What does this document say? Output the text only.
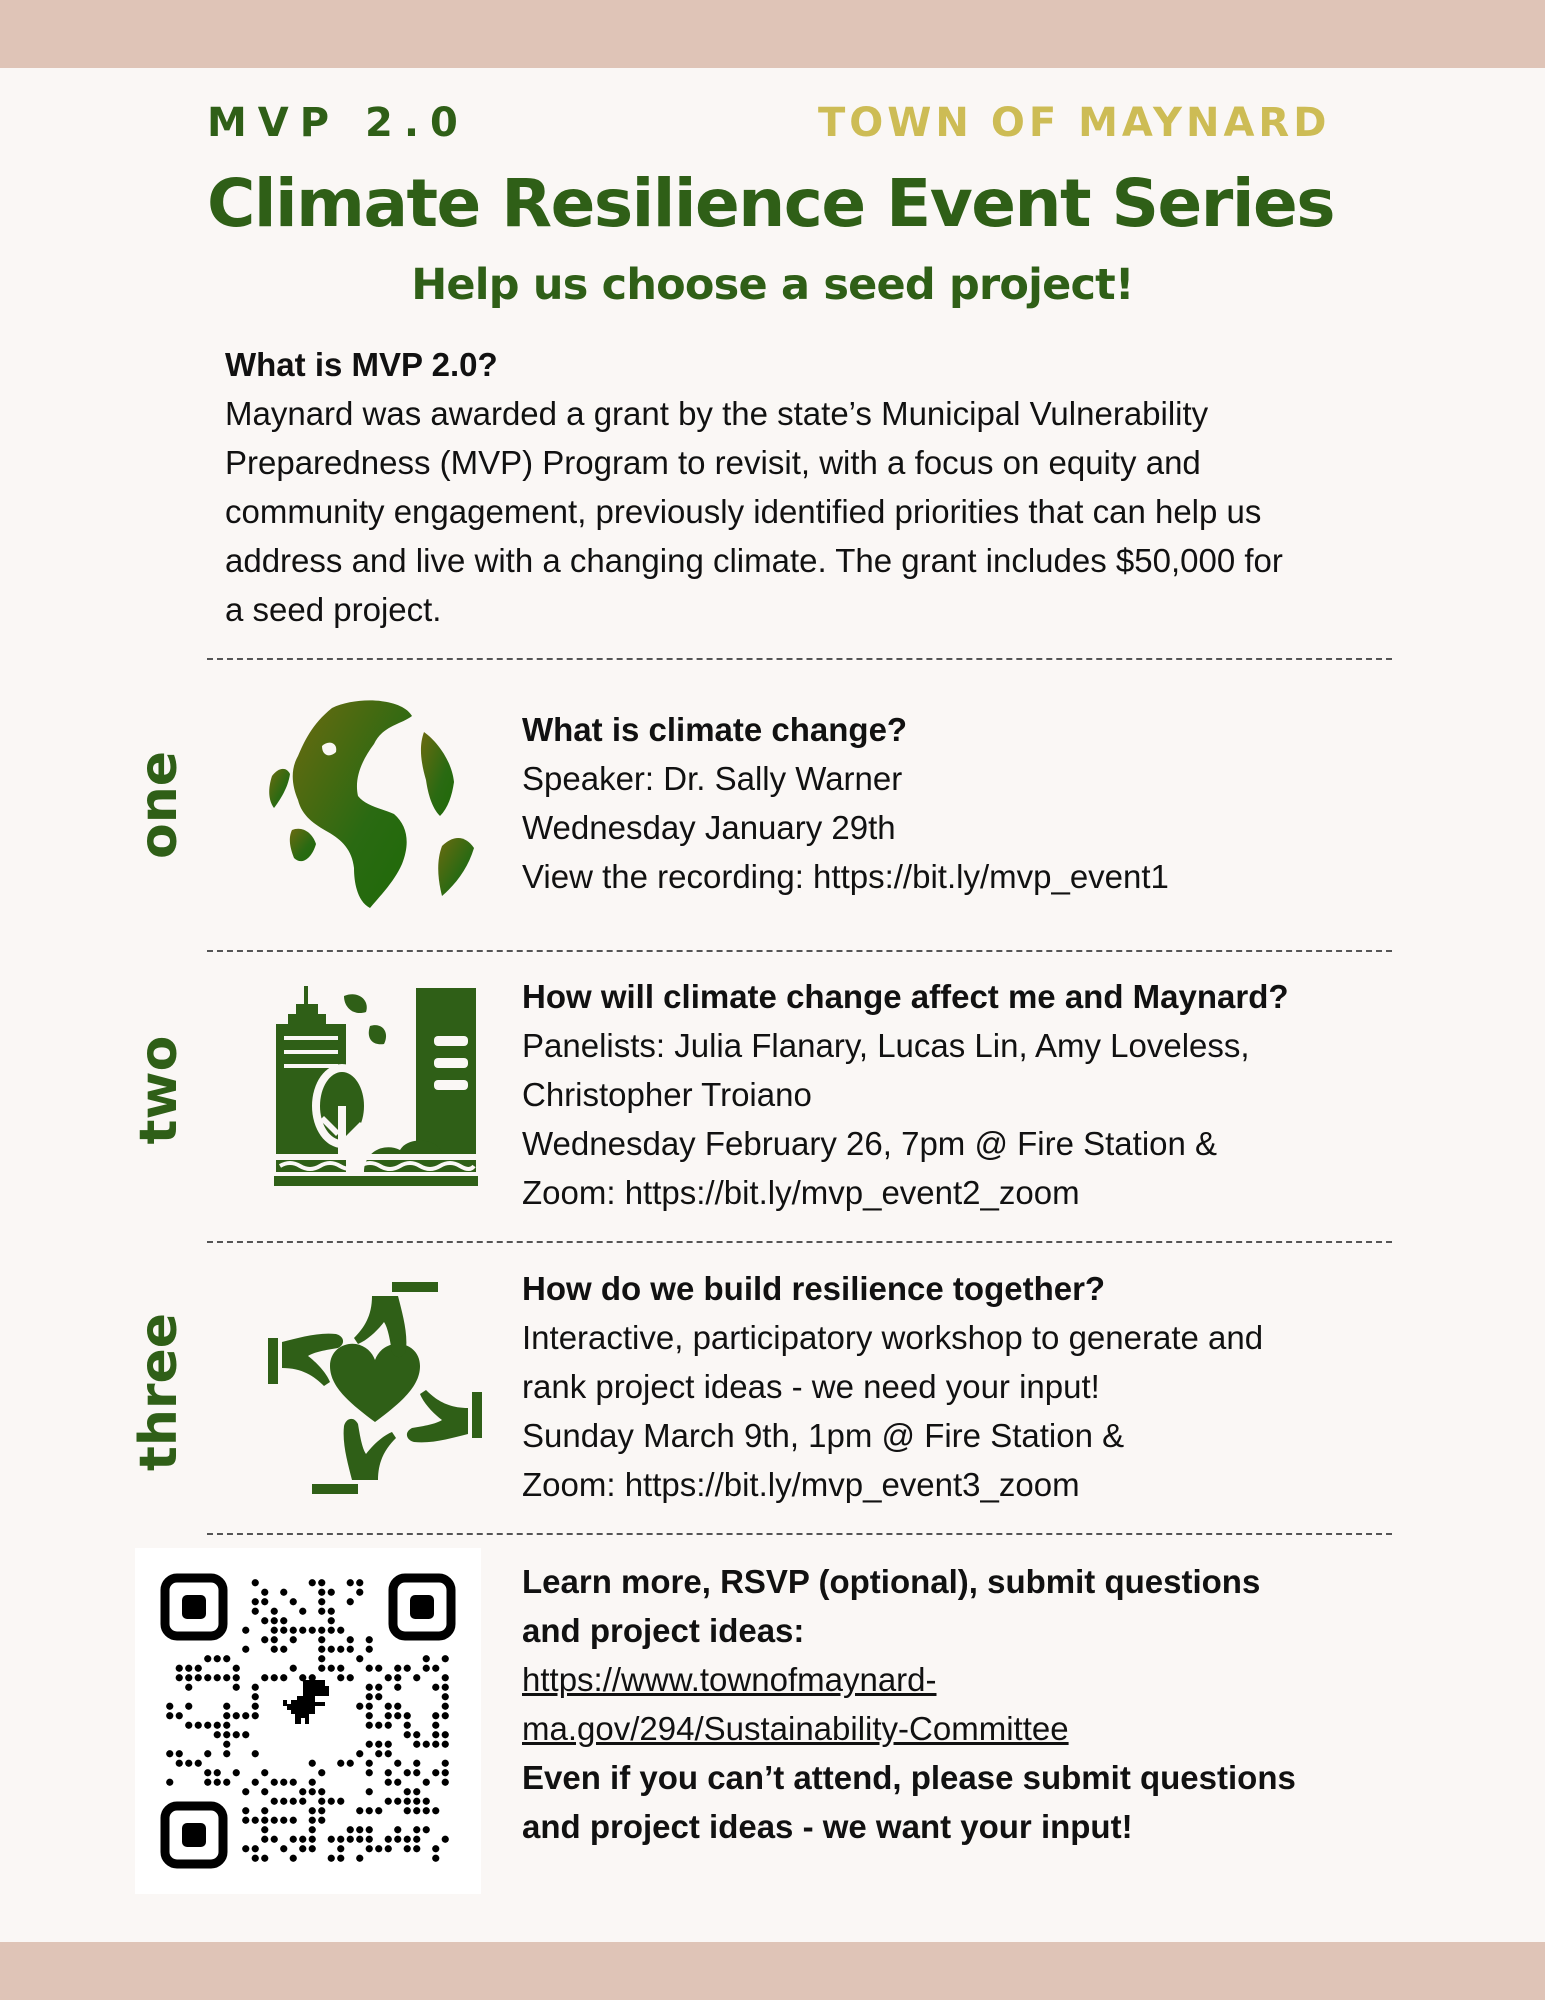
MVP 2.0	TOWN OF MAYNARD
Climate Resilience Event Series
Help us choose a seed project!
What is MVP 2.0?
Maynard was awarded a grant by the state’s Municipal Vulnerability
Preparedness (MVP) Program to revisit, with a focus on equity and
community engagement, previously identified priorities that can help us
address and live with a changing climate. The grant includes $50,000 for
a seed project.
one
What is climate change?
Speaker: Dr. Sally Warner
Wednesday January 29th
View the recording: https://bit.ly/mvp_event1
two
How will climate change affect me and Maynard?
Panelists: Julia Flanary, Lucas Lin, Amy Loveless,
Christopher Troiano
Wednesday February 26, 7pm @ Fire Station &
Zoom: https://bit.ly/mvp_event2_zoom
three
How do we build resilience together?
Interactive, participatory workshop to generate and
rank project ideas - we need your input!
Sunday March 9th, 1pm @ Fire Station &
Zoom: https://bit.ly/mvp_event3_zoom
Learn more, RSVP (optional), submit questions
and project ideas:
https://www.townofmaynard-
ma.gov/294/Sustainability-Committee
Even if you can’t attend, please submit questions
and project ideas - we want your input!
